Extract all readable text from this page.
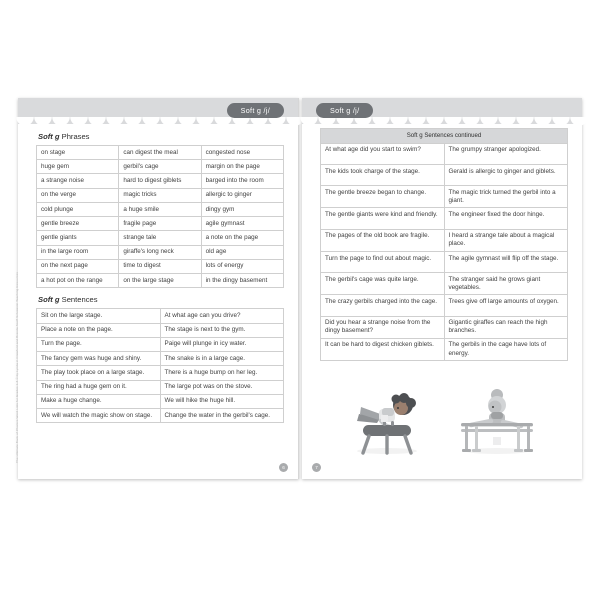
Soft g /j/
Soft g Phrases
on stage	can digest the meal	congested nose
huge gem	gerbil's cage	margin on the page
a strange noise	hard to digest giblets	barged into the room
on the verge	magic tricks	allergic to ginger
cold plunge	a huge smile	dingy gym
gentle breeze	fragile page	agile gymnast
gentle giants	strange tale	a note on the page
in the large room	giraffe's long neck	old age
on the next page	time to digest	lots of energy
a hot pot on the range	on the large stage	in the dingy basement
Soft g Sentences
Sit on the large stage.	At what age can you drive?
Place a note on the page.	The stage is next to the gym.
Turn the page.	Paige will plunge in icy water.
The fancy gem was huge and shiny.	The snake is in a large cage.
The play took place on a large stage.	There is a huge bump on her leg.
The ring had a huge gem on it.	The large pot was on the stove.
Make a huge change.	We will hike the huge hill.
We will watch the magic show on stage.	Change the water in the gerbil's cage.
The Ultimate Book of Phonics Word Lists for Grades 1-3 © by Lynda J. Crawford and Brenda Scoff Scholastic Teaching Resources
6
Soft g /j/
Soft g Sentences continued	
At what age did you start to swim?	The grumpy stranger apologized.
The kids took charge of the stage.	Gerald is allergic to ginger and giblets.
The gentle breeze began to change.	The magic trick turned the gerbil into a giant.
The gentle giants were kind and friendly.	The engineer fixed the door hinge.
The pages of the old book are fragile.	I heard a strange tale about a magical place.
Turn the page to find out about magic.	The agile gymnast will flip off the stage.
The gerbil's cage was quite large.	The stranger said he grows giant vegetables.
The crazy gerbils charged into the cage.	Trees give off large amounts of oxygen.
Did you hear a strange noise from the dingy basement?	Gigantic giraffes can reach the high branches.
It can be hard to digest chicken giblets.	The gerbils in the cage have lots of energy.
7
